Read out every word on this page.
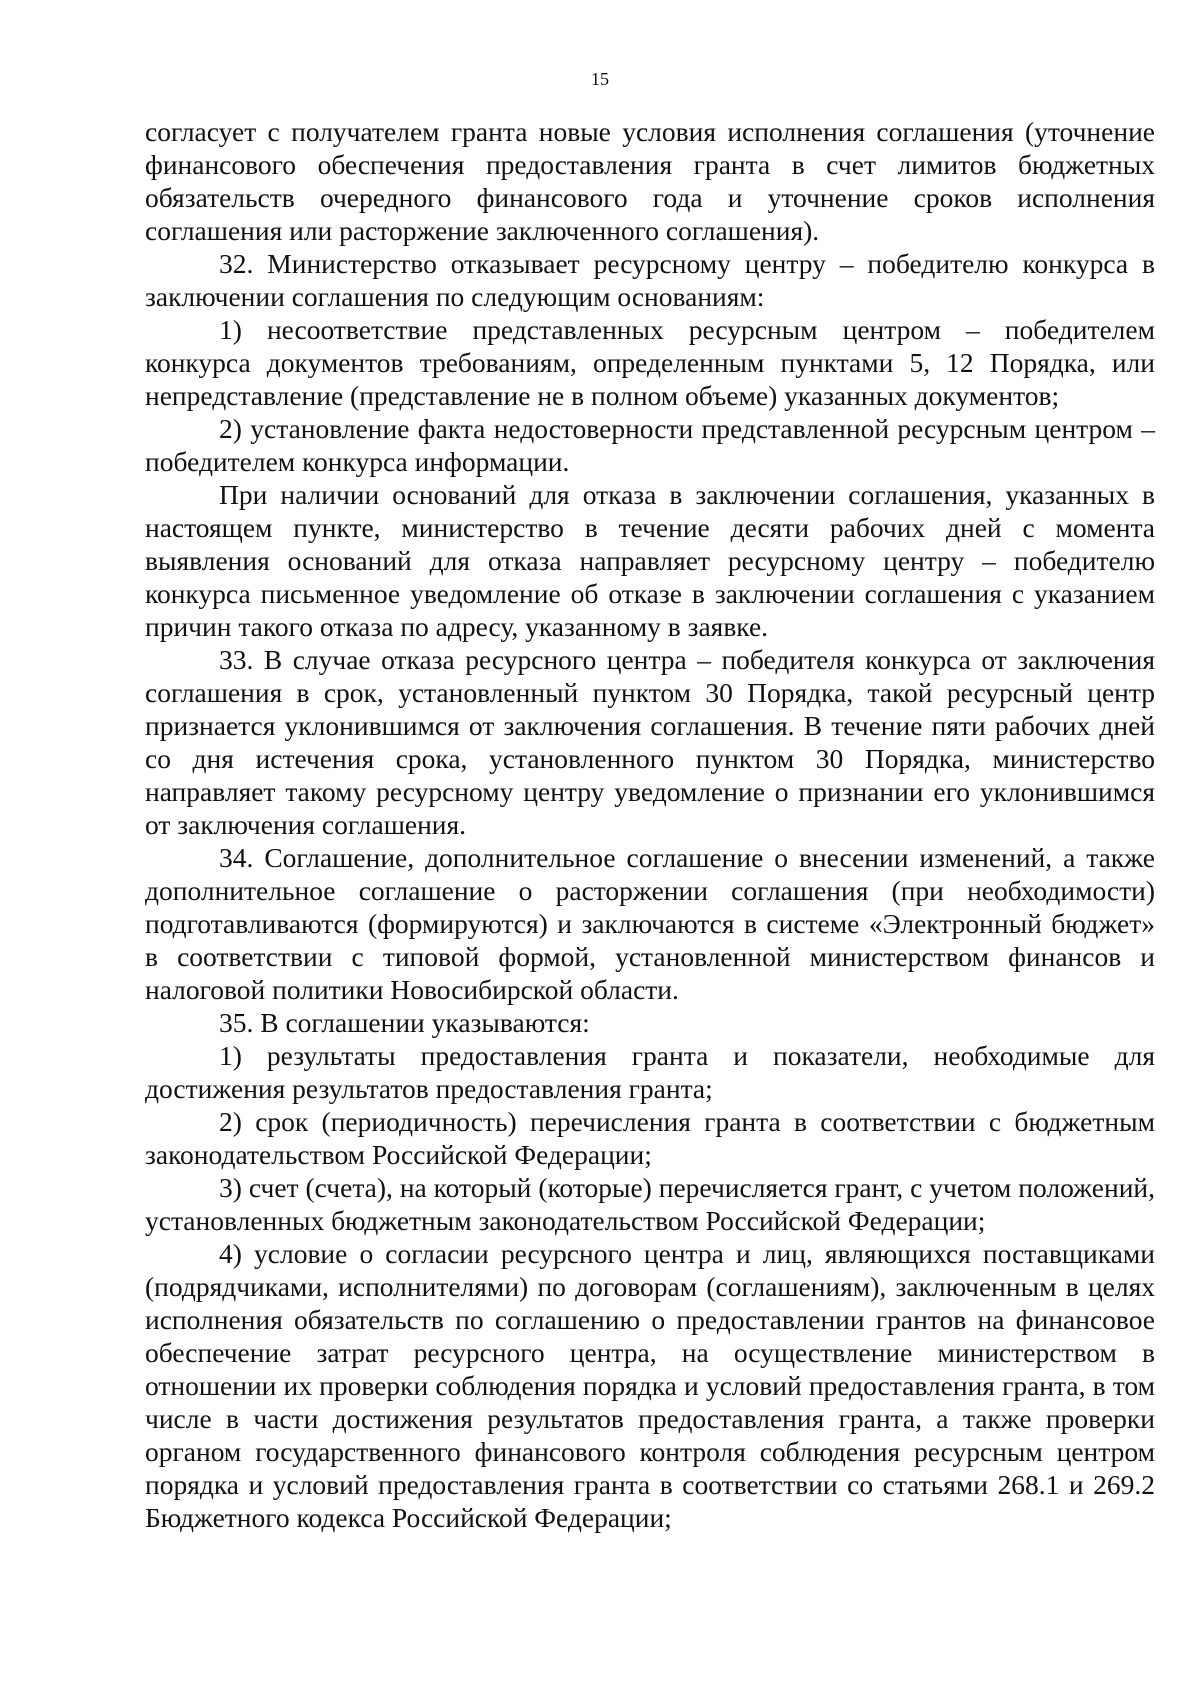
15

согласует с получателем гранта новые условия исполнения соглашения (уточнение финансового обеспечения предоставления гранта в счет лимитов бюджетных обязательств очередного финансового года и уточнение сроков исполнения соглашения или расторжение заключенного соглашения).

32. Министерство отказывает ресурсному центру – победителю конкурса в заключении соглашения по следующим основаниям:

1) несоответствие представленных ресурсным центром – победителем конкурса документов требованиям, определенным пунктами 5, 12 Порядка, или непредставление (представление не в полном объеме) указанных документов;

2) установление факта недостоверности представленной ресурсным центром – победителем конкурса информации.

При наличии оснований для отказа в заключении соглашения, указанных в настоящем пункте, министерство в течение десяти рабочих дней с момента выявления оснований для отказа направляет ресурсному центру – победителю конкурса письменное уведомление об отказе в заключении соглашения с указанием причин такого отказа по адресу, указанному в заявке.

33. В случае отказа ресурсного центра – победителя конкурса от заключения соглашения в срок, установленный пунктом 30 Порядка, такой ресурсный центр признается уклонившимся от заключения соглашения. В течение пяти рабочих дней со дня истечения срока, установленного пунктом 30 Порядка, министерство направляет такому ресурсному центру уведомление о признании его уклонившимся от заключения соглашения.

34. Соглашение, дополнительное соглашение о внесении изменений, а также дополнительное соглашение о расторжении соглашения (при необходимости) подготавливаются (формируются) и заключаются в системе «Электронный бюджет» в соответствии с типовой формой, установленной министерством финансов и налоговой политики Новосибирской области.

35. В соглашении указываются:

1) результаты предоставления гранта и показатели, необходимые для достижения результатов предоставления гранта;

2) срок (периодичность) перечисления гранта в соответствии с бюджетным законодательством Российской Федерации;

3) счет (счета), на который (которые) перечисляется грант, с учетом положений, установленных бюджетным законодательством Российской Федерации;

4) условие о согласии ресурсного центра и лиц, являющихся поставщиками (подрядчиками, исполнителями) по договорам (соглашениям), заключенным в целях исполнения обязательств по соглашению о предоставлении грантов на финансовое обеспечение затрат ресурсного центра, на осуществление министерством в отношении их проверки соблюдения порядка и условий предоставления гранта, в том числе в части достижения результатов предоставления гранта, а также проверки органом государственного финансового контроля соблюдения ресурсным центром порядка и условий предоставления гранта в соответствии со статьями 268.1 и 269.2 Бюджетного кодекса Российской Федерации;
